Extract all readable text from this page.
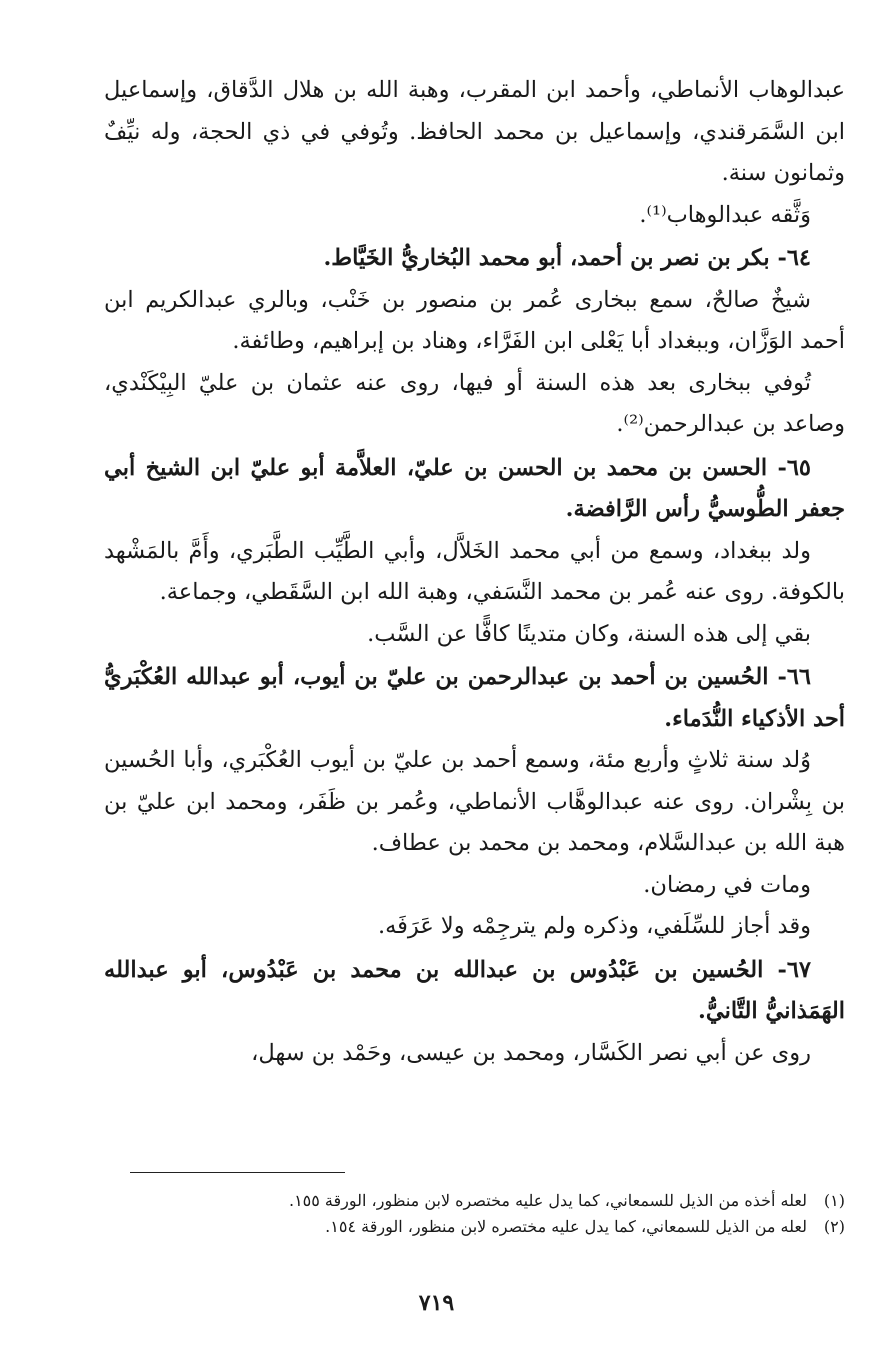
عبدالوهاب الأنماطي، وأحمد ابن المقرب، وهبة الله بن هلال الدَّقاق، وإسماعيل ابن السَّمَرقندي، وإسماعيل بن محمد الحافظ. وتُوفي في ذي الحجة، وله نيِّفٌ وثمانون سنة.

وَثَّقه عبدالوهاب⁽¹⁾.

٦٤- بكر بن نصر بن أحمد، أبو محمد البُخاريُّ الخَيَّاط.

شيخٌ صالحٌ، سمع ببخارى عُمر بن منصور بن خَنْب، وبالري عبدالكريم ابن أحمد الوَزَّان، وببغداد أبا يَعْلى ابن الفَرَّاء، وهناد بن إبراهيم، وطائفة.

تُوفي ببخارى بعد هذه السنة أو فيها، روى عنه عثمان بن عليّ البِيْكَنْدي، وصاعد بن عبدالرحمن⁽²⁾.

٦٥- الحسن بن محمد بن الحسن بن عليّ، العلاَّمة أبو عليّ ابن الشيخ أبي جعفر الطُّوسيُّ رأس الرَّافضة.

ولد ببغداد، وسمع من أبي محمد الخَلاَّل، وأبي الطَّيِّب الطَّبَري، وأَمَّ بالمَشْهد بالكوفة. روى عنه عُمر بن محمد النَّسَفي، وهبة الله ابن السَّقَطي، وجماعة.

بقي إلى هذه السنة، وكان متدينًا كافًّا عن السَّب.

٦٦- الحُسين بن أحمد بن عبدالرحمن بن عليّ بن أيوب، أبو عبدالله العُكْبَريُّ أحد الأذكياء النُّدَماء.

وُلد سنة ثلاثٍ وأربع مئة، وسمع أحمد بن عليّ بن أيوب العُكْبَري، وأبا الحُسين بن بِشْران. روى عنه عبدالوهَّاب الأنماطي، وعُمر بن ظَفَر، ومحمد ابن عليّ بن هبة الله بن عبدالسَّلام، ومحمد بن محمد بن عطاف.

ومات في رمضان.

وقد أجاز للسِّلَفي، وذكره ولم يترجِمْه ولا عَرَفَه.

٦٧- الحُسين بن عَبْدُوس بن عبدالله بن محمد بن عَبْدُوس، أبو عبدالله الهَمَذانيُّ التَّانيُّ.

روى عن أبي نصر الكَسَّار، ومحمد بن عيسى، وحَمْد بن سهل،

(١)لعله أخذه من الذيل للسمعاني، كما يدل عليه مختصره لابن منظور، الورقة ١٥٥.

(٢)لعله من الذيل للسمعاني، كما يدل عليه مختصره لابن منظور، الورقة ١٥٤.

٧١٩
